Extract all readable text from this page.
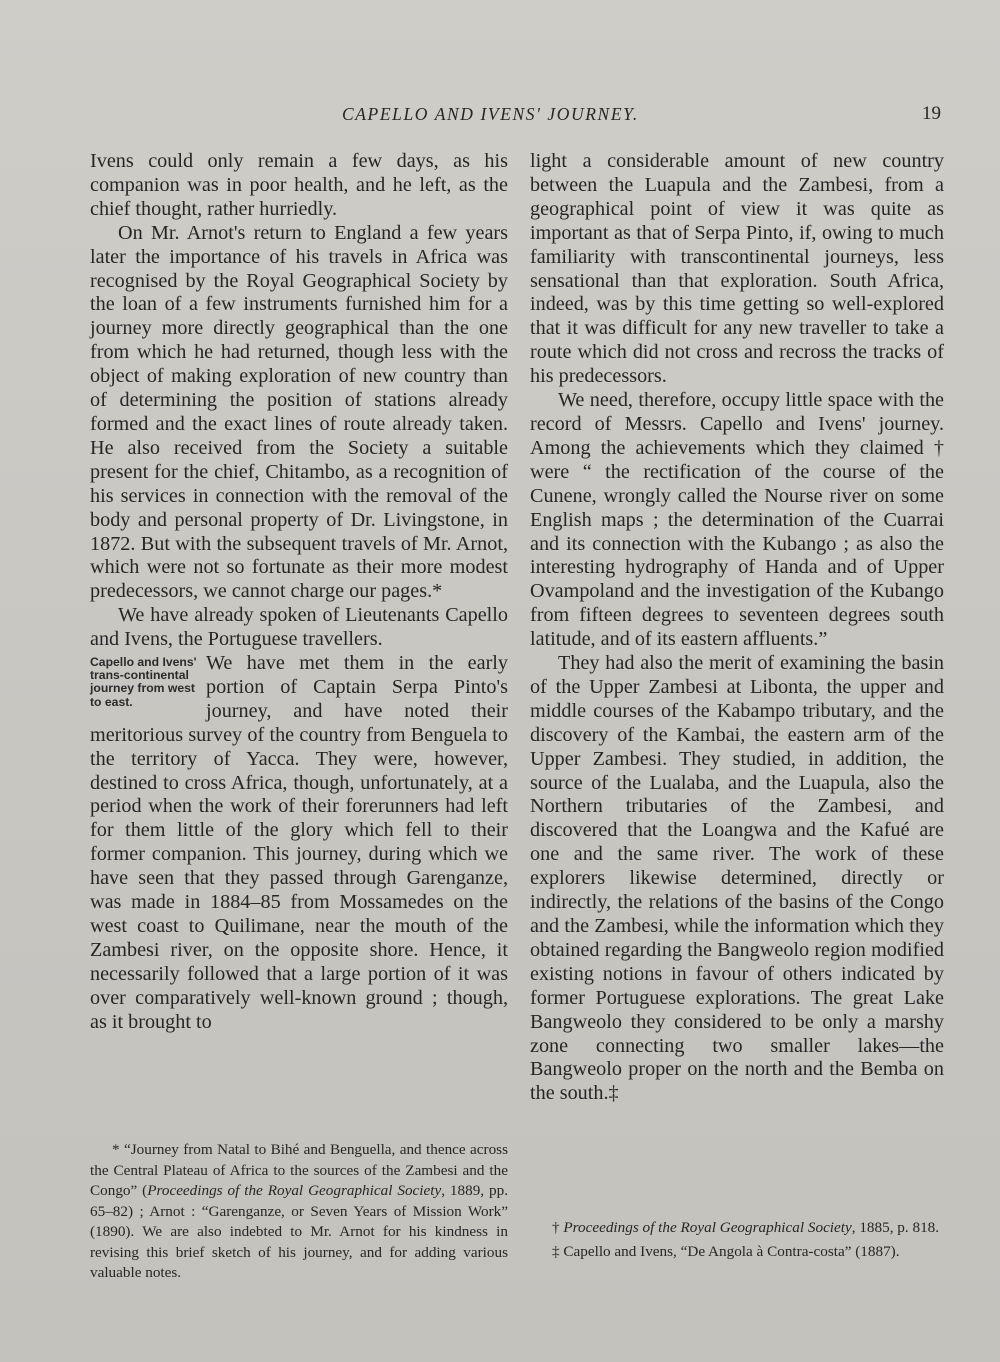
CAPELLO AND IVENS' JOURNEY.	19

Ivens could only remain a few days, as his companion was in poor health, and he left, as the chief thought, rather hurriedly.

On Mr. Arnot's return to England a few years later the importance of his travels in Africa was recognised by the Royal Geographical Society by the loan of a few instruments furnished him for a journey more directly geographical than the one from which he had returned, though less with the object of making exploration of new country than of determining the position of stations already formed and the exact lines of route already taken. He also received from the Society a suitable present for the chief, Chitambo, as a recognition of his services in connection with the removal of the body and personal property of Dr. Livingstone, in 1872. But with the subsequent travels of Mr. Arnot, which were not so fortunate as their more modest predecessors, we cannot charge our pages.*

We have already spoken of Lieutenants Capello and Ivens, the Portuguese travellers.

Capello and Ivens' trans-continental journey from west to east.

We have met them in the early portion of Captain Serpa Pinto's journey, and have noted their meritorious survey of the country from Benguela to the territory of Yacca. They were, however, destined to cross Africa, though, unfortunately, at a period when the work of their forerunners had left for them little of the glory which fell to their former companion. This journey, during which we have seen that they passed through Garenganze, was made in 1884–85 from Mossamedes on the west coast to Quilimane, near the mouth of the Zambesi river, on the opposite shore. Hence, it necessarily followed that a large portion of it was over comparatively well-known ground ; though, as it brought to

* “Journey from Natal to Bihé and Benguella, and thence across the Central Plateau of Africa to the sources of the Zambesi and the Congo” (Proceedings of the Royal Geographical Society, 1889, pp. 65–82) ; Arnot : “Garenganze, or Seven Years of Mission Work” (1890). We are also indebted to Mr. Arnot for his kindness in revising this brief sketch of his journey, and for adding various valuable notes.

light a considerable amount of new country between the Luapula and the Zambesi, from a geographical point of view it was quite as important as that of Serpa Pinto, if, owing to much familiarity with transcontinental journeys, less sensational than that exploration. South Africa, indeed, was by this time getting so well-explored that it was difficult for any new traveller to take a route which did not cross and recross the tracks of his predecessors.

We need, therefore, occupy little space with the record of Messrs. Capello and Ivens' journey. Among the achievements which they claimed † were “ the rectification of the course of the Cunene, wrongly called the Nourse river on some English maps ; the determination of the Cuarrai and its connection with the Kubango ; as also the interesting hydrography of Handa and of Upper Ovampoland and the investigation of the Kubango from fifteen degrees to seventeen degrees south latitude, and of its eastern affluents.”

They had also the merit of examining the basin of the Upper Zambesi at Libonta, the upper and middle courses of the Kabampo tributary, and the discovery of the Kambai, the eastern arm of the Upper Zambesi. They studied, in addition, the source of the Lualaba, and the Luapula, also the Northern tributaries of the Zambesi, and discovered that the Loangwa and the Kafué are one and the same river. The work of these explorers likewise determined, directly or indirectly, the relations of the basins of the Congo and the Zambesi, while the information which they obtained regarding the Bangweolo region modified existing notions in favour of others indicated by former Portuguese explorations. The great Lake Bangweolo they considered to be only a marshy zone connecting two smaller lakes—the Bangweolo proper on the north and the Bemba on the south.‡

† Proceedings of the Royal Geographical Society, 1885, p. 818.

‡ Capello and Ivens, “De Angola à Contra-costa” (1887).
